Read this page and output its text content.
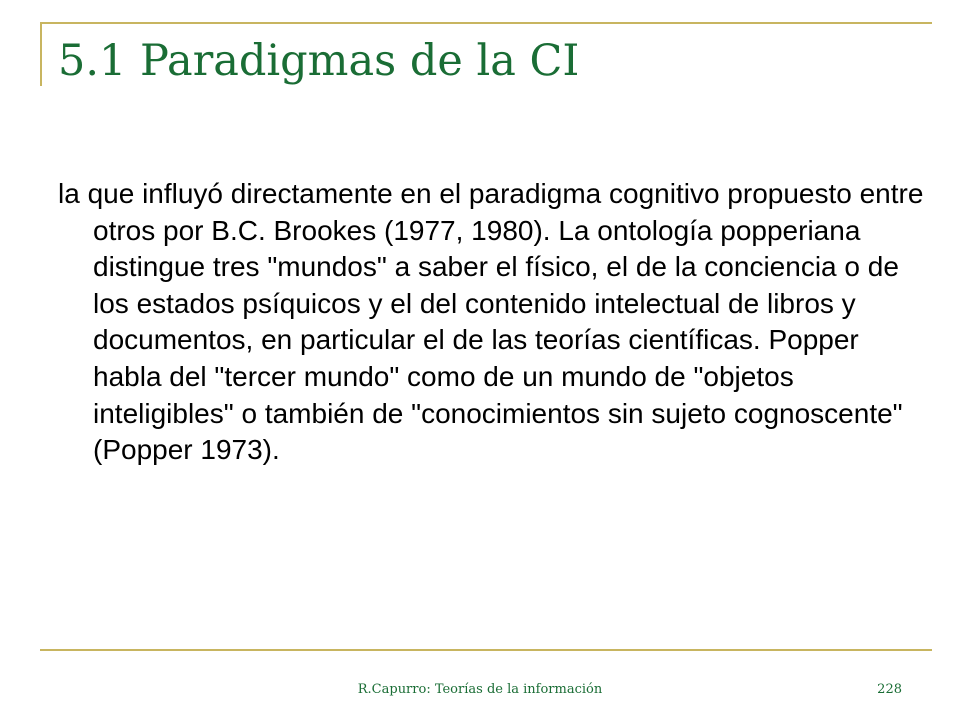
5.1 Paradigmas de la CI

la que influyó directamente en el paradigma cognitivo propuesto entre otros por B.C. Brookes (1977, 1980). La ontología popperiana distingue tres "mundos" a saber el físico, el de la conciencia o de los estados psíquicos y el del contenido intelectual de libros y documentos, en particular el de las teorías científicas. Popper habla del "tercer mundo" como de un mundo de "objetos inteligibles" o también de "conocimientos sin sujeto cognoscente" (Popper 1973).

R.Capurro: Teorías de la información	228
